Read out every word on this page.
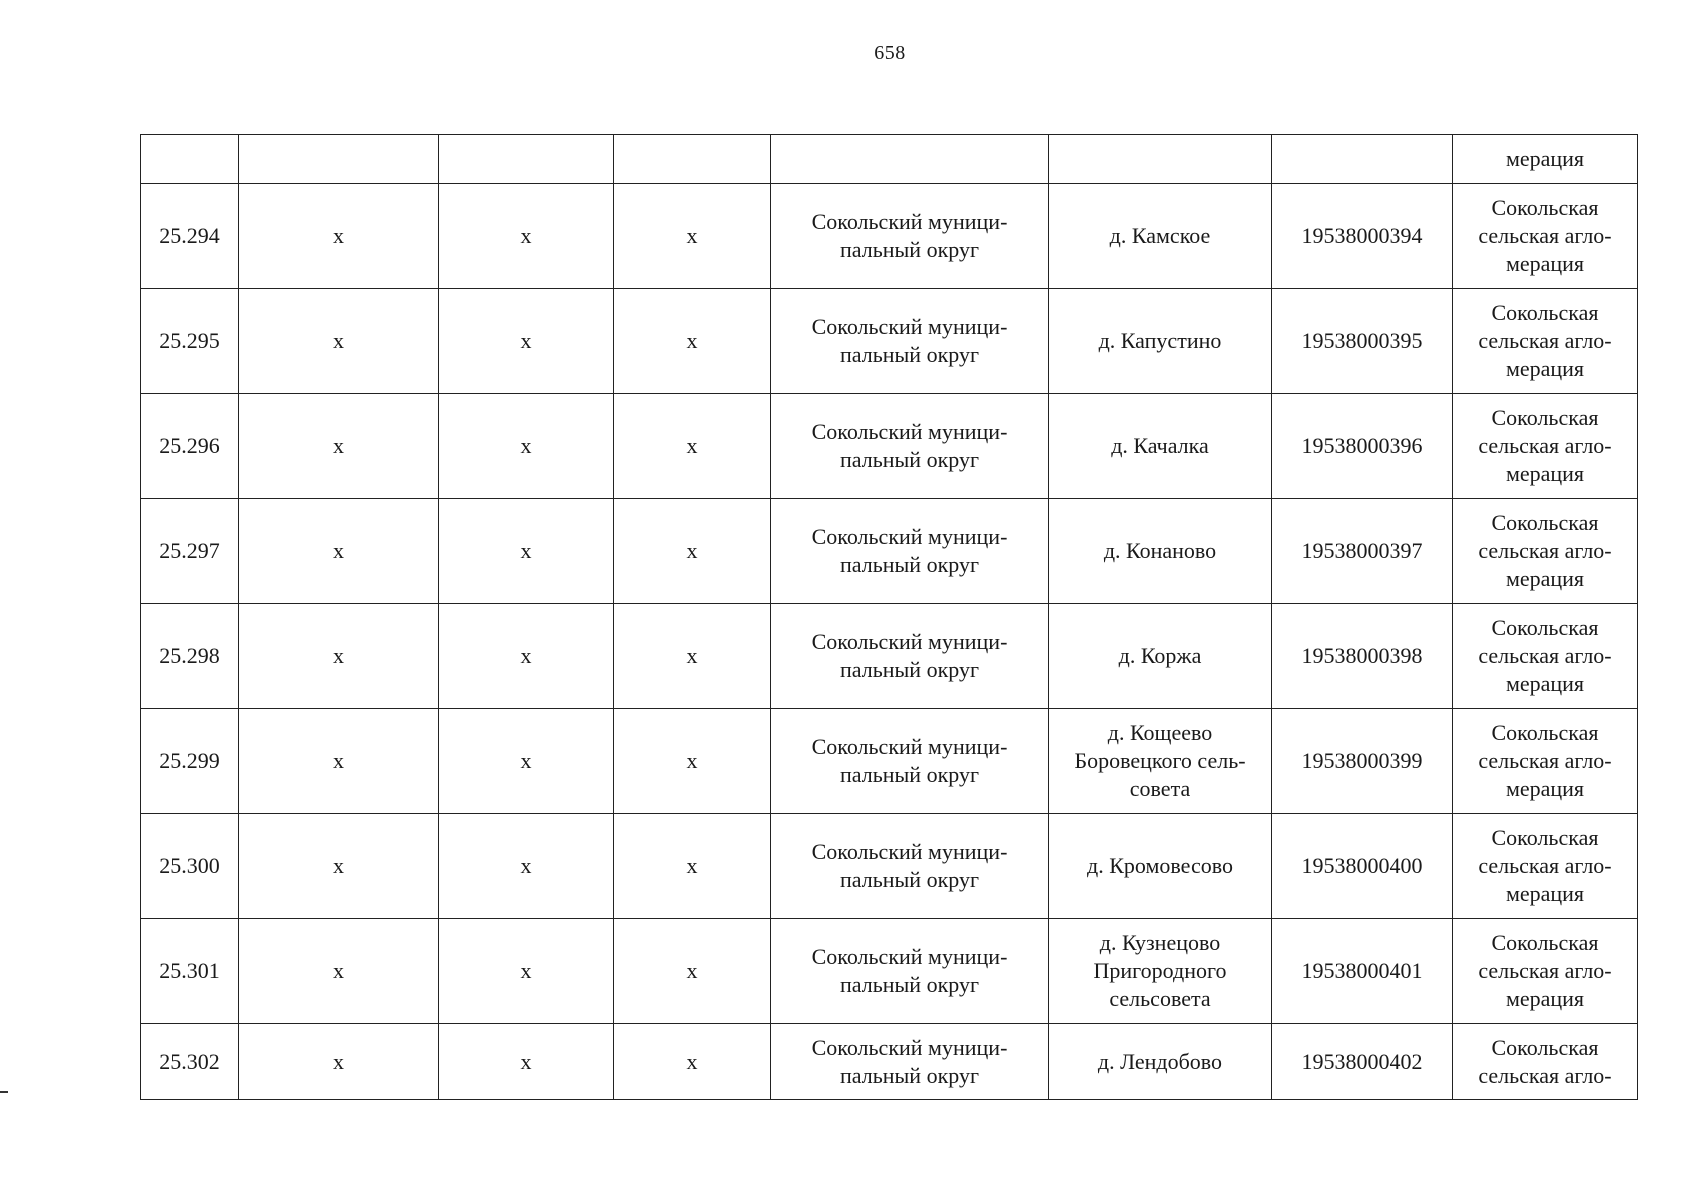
658
							мерация
25.294	x	x	x	Сокольский муници-
пальный округ	д. Камское	19538000394	Сокольская
сельская агло-
мерация

25.295	x	x	x	Сокольский муници-
пальный округ	д. Капустино	19538000395	Сокольская
сельская агло-
мерация

25.296	x	x	x	Сокольский муници-
пальный округ	д. Качалка	19538000396	Сокольская
сельская агло-
мерация

25.297	x	x	x	Сокольский муници-
пальный округ	д. Конаново	19538000397	Сокольская
сельская агло-
мерация

25.298	x	x	x	Сокольский муници-
пальный округ	д. Коржа	19538000398	Сокольская
сельская агло-
мерация

25.299	x	x	x	Сокольский муници-
пальный округ	д. Кощеево
Боровецкого сель-
совета	19538000399	Сокольская
сельская агло-
мерация

25.300	x	x	x	Сокольский муници-
пальный округ	д. Кромовесово	19538000400	Сокольская
сельская агло-
мерация

25.301	x	x	x	Сокольский муници-
пальный округ	д. Кузнецово
Пригородного
сельсовета	19538000401	Сокольская
сельская агло-
мерация

25.302	x	x	x	Сокольский муници-
пальный округ	д. Лендобово	19538000402	Сокольская
сельская агло-
